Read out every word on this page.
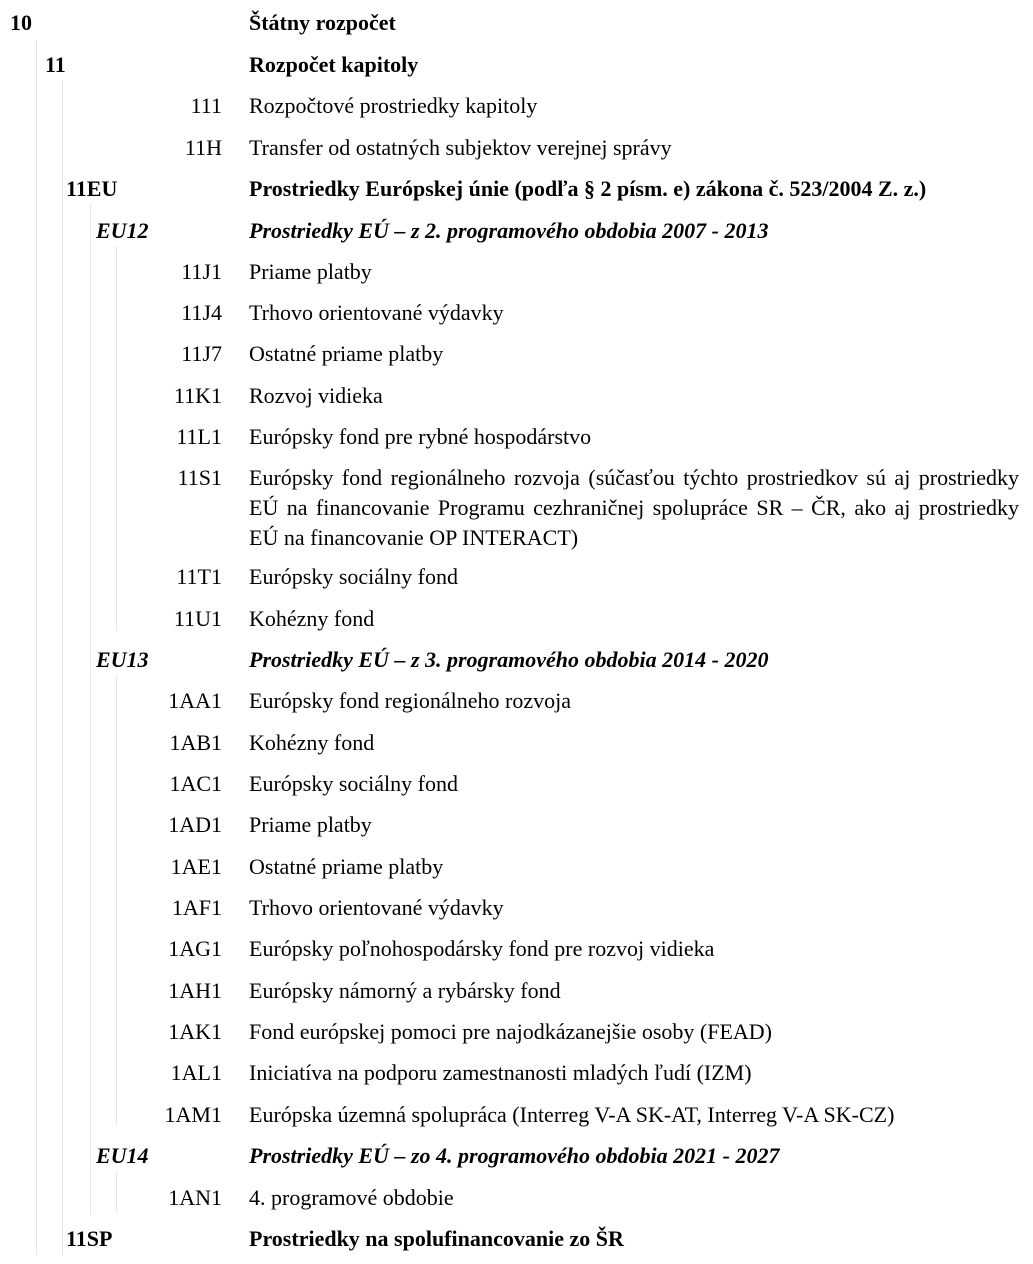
10	Štátny rozpočet
11	Rozpočet kapitoly
111 Rozpočtové prostriedky kapitoly
11H Transfer od ostatných subjektov verejnej správy
11EU	Prostriedky Európskej únie (podľa § 2 písm. e) zákona č. 523/2004 Z. z.)
EU12	Prostriedky EÚ – z 2. programového obdobia 2007 - 2013
11J1 Priame platby
11J4 Trhovo orientované výdavky
11J7 Ostatné priame platby
11K1 Rozvoj vidieka
11L1 Európsky fond pre rybné hospodárstvo
11S1 Európsky fond regionálneho rozvoja (súčasťou týchto prostriedkov sú aj prostriedky EÚ na financovanie Programu cezhraničnej spolupráce SR – ČR, ako aj prostriedky EÚ na financovanie OP INTERACT)
11T1 Európsky sociálny fond
11U1 Kohézny fond
EU13	Prostriedky EÚ – z 3. programového obdobia 2014 - 2020
1AA1 Európsky fond regionálneho rozvoja
1AB1 Kohézny fond
1AC1 Európsky sociálny fond
1AD1 Priame platby
1AE1 Ostatné priame platby
1AF1 Trhovo orientované výdavky
1AG1 Európsky poľnohospodársky fond pre rozvoj vidieka
1AH1 Európsky námorný a rybársky fond
1AK1 Fond európskej pomoci pre najodkázanejšie osoby (FEAD)
1AL1 Iniciatíva na podporu zamestnanosti mladých ľudí (IZM)
1AM1 Európska územná spolupráca (Interreg V-A SK-AT, Interreg V-A SK-CZ)
EU14	Prostriedky EÚ – zo 4. programového obdobia 2021 - 2027
1AN1 4. programové obdobie
11SP	Prostriedky na spolufinancovanie zo ŠR
